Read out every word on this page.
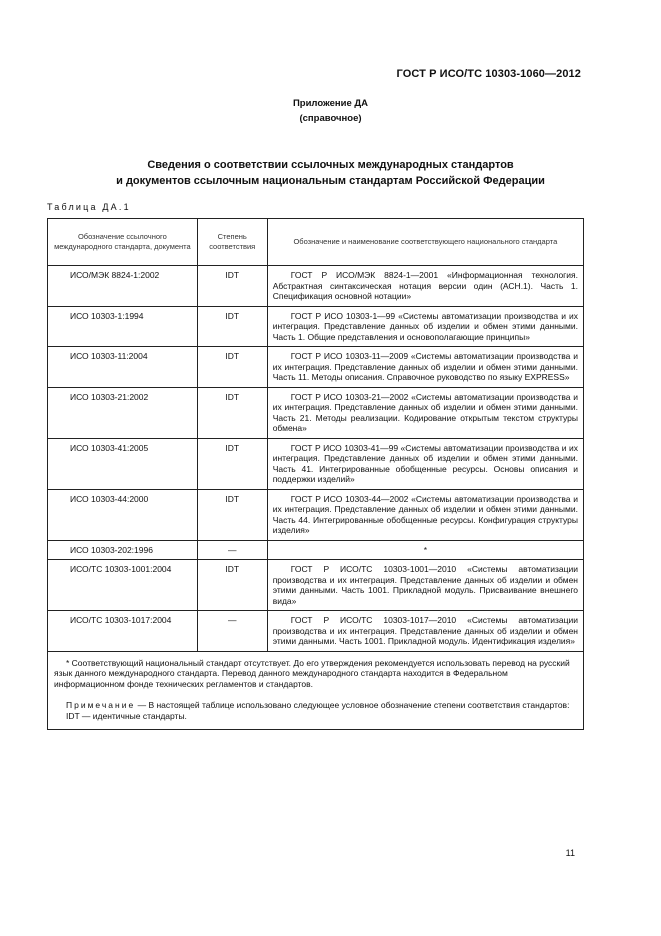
ГОСТ Р ИСО/ТС 10303-1060—2012
Приложение ДА
(справочное)
Сведения о соответствии ссылочных международных стандартов
и документов ссылочным национальным стандартам Российской Федерации
Таблица ДА.1
Обозначение ссылочного международного стандарта, документа	Степень соответствия	Обозначение и наименование соответствующего национального стандарта
ИСО/МЭК 8824-1:2002	IDT	ГОСТ Р ИСО/МЭК 8824-1—2001 «Информационная технология. Абстрактная синтаксическая нотация версии один (АСН.1). Часть 1. Спецификация основной нотации»

ИСО 10303-1:1994	IDT	ГОСТ Р ИСО 10303-1—99 «Системы автоматизации производства и их интеграция. Представление данных об изделии и обмен этими данными. Часть 1. Общие представления и основополагающие принципы»

ИСО 10303-11:2004	IDT	ГОСТ Р ИСО 10303-11—2009 «Системы автоматизации производства и их интеграция. Представление данных об изделии и обмен этими данными. Часть 11. Методы описания. Справочное руководство по языку EXPRESS»

ИСО 10303-21:2002	IDT	ГОСТ Р ИСО 10303-21—2002 «Системы автоматизации производства и их интеграция. Представление данных об изделии и обмен этими данными. Часть 21. Методы реализации. Кодирование открытым текстом структуры обмена»

ИСО 10303-41:2005	IDT	ГОСТ Р ИСО 10303-41—99 «Системы автоматизации производства и их интеграция. Представление данных об изделии и обмен этими данными. Часть 41. Интегрированные обобщенные ресурсы. Основы описания и поддержки изделий»

ИСО 10303-44:2000	IDT	ГОСТ Р ИСО 10303-44—2002 «Системы автоматизации производства и их интеграция. Представление данных об изделии и обмен этими данными. Часть 44. Интегрированные обобщенные ресурсы. Конфигурация структуры изделия»

ИСО 10303-202:1996	—	*
ИСО/ТС 10303-1001:2004	IDT	ГОСТ Р ИСО/ТС 10303-1001—2010 «Системы автоматизации производства и их интеграция. Представление данных об изделии и обмен этими данными. Часть 1001. Прикладной модуль. Присваивание внешнего вида»

ИСО/ТС 10303-1017:2004	—	ГОСТ Р ИСО/ТС 10303-1017—2010 «Системы автоматизации производства и их интеграция. Представление данных об изделии и обмен этими данными. Часть 1001. Прикладной модуль. Идентификация изделия»

* Соответствующий национальный стандарт отсутствует. До его утверждения рекомендуется использовать перевод на русский язык данного международного стандарта. Перевод данного международного стандарта находится в Федеральном информационном фонде технических регламентов и стандартов.

Примечание — В настоящей таблице использовано следующее условное обозначение степени соответствия стандартов:

IDT — идентичные стандарты.		

11
